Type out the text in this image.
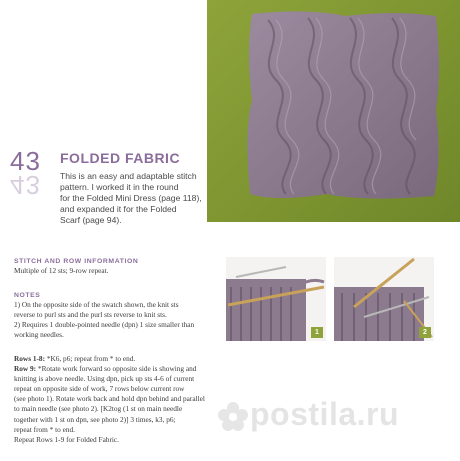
43
43
FOLDED FABRIC
This is an easy and adaptable stitch
pattern. I worked it in the round
for the Folded Mini Dress (page 118),
and expanded it for the Folded
Scarf (page 94).
STITCH AND ROW INFORMATION
Multiple of 12 sts; 9-row repeat.
NOTES
1) On the opposite side of the swatch shown, the knit sts
reverse to purl sts and the purl sts reverse to knit sts.
2) Requires 1 double-pointed needle (dpn) 1 size smaller than
working needles.
Rows 1-8: *K6, p6; repeat from * to end.
Row 9: *Rotate work forward so opposite side is showing and
knitting is above needle. Using dpn, pick up sts 4-6 of current
repeat on opposite side of work, 7 rows below current row
(see photo 1). Rotate work back and hold dpn behind and parallel
to main needle (see photo 2). [K2tog (1 st on main needle
together with 1 st on dpn, see photo 2)] 3 times, k3, p6;
repeat from * to end.
Repeat Rows 1-9 for Folded Fabric.
1	2
postila.ru
